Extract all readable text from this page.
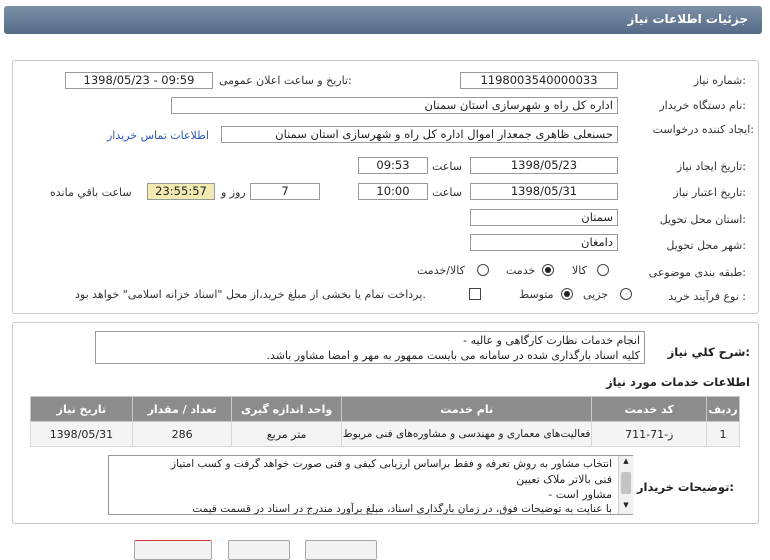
جزئیات اطلاعات نیاز
شماره نیاز:
1198003540000033
تاریخ و ساعت اعلان عمومی:
1398/05/23 - 09:59
نام دستگاه خریدار:
اداره کل راه و شهرسازی استان سمنان
ایجاد کننده درخواست:
حسنعلی ظاهری جمعدار اموال اداره کل راه و شهرسازی استان سمنان
اطلاعات تماس خریدار
تاریخ ایجاد نیاز:
1398/05/23
ساعت
09:53
تاریخ اعتبار نیاز:
1398/05/31
ساعت
10:00
7
روز و
23:55:57
ساعت باقي مانده
استان محل تحویل:
سمنان
شهر محل تحویل:
دامغان
طبقه بندی موضوعی:
کالا
خدمت
کالا/خدمت
نوع فرآیند خرید :
جزیی
متوسط
پرداخت تمام یا بخشی از مبلغ خرید،از محل "اسناد خزانه اسلامی" خواهد بود.
شرح کلي نياز:
انجام خدمات نظارت کارگاهی و عالیه -
کلیه اسناد بارگذاری شده در سامانه می بایست ممهور به مهر و امضا مشاور باشد.
اطلاعات خدمات مورد نیاز
ردیف	کد خدمت	نام خدمت	واحد اندازه گیری	تعداد / مقدار	تاریخ نیاز
1	ز-71-711	فعالیت‌های معماری و مهندسی و مشاوره‌های فنی مربوط	متر مربع	286	1398/05/31
توضیحات خریدار:
انتخاب مشاور به روش تعرفه و فقط براساس ارزیابی کیفی و فنی صورت خواهد گرفت و کسب امتیاز
فنی بالاتر ملاک تعیین
مشاور است -
با عنایت به توضیحات فوق، در زمان بارگذاری اسناد، مبلغ برآورد مندرج در اسناد در قسمت قیمت
▲
▼
